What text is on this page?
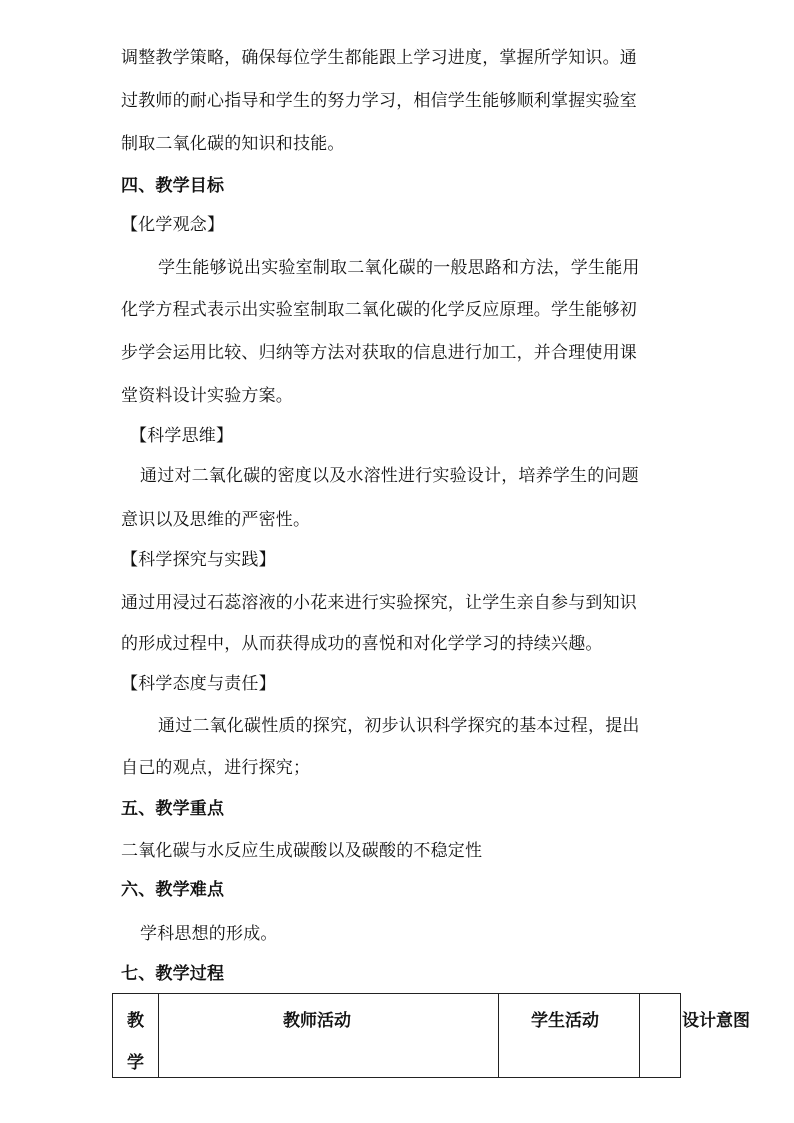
调整教学策略，确保每位学生都能跟上学习进度，掌握所学知识。通
过教师的耐心指导和学生的努力学习，相信学生能够顺利掌握实验室
制取二氧化碳的知识和技能。
四、教学目标
【化学观念】
学生能够说出实验室制取二氧化碳的一般思路和方法，学生能用
化学方程式表示出实验室制取二氧化碳的化学反应原理。学生能够初
步学会运用比较、归纳等方法对获取的信息进行加工，并合理使用课
堂资料设计实验方案。
【科学思维】
通过对二氧化碳的密度以及水溶性进行实验设计，培养学生的问题
意识以及思维的严密性。
【科学探究与实践】
通过用浸过石蕊溶液的小花来进行实验探究，让学生亲自参与到知识
的形成过程中，从而获得成功的喜悦和对化学学习的持续兴趣。
【科学态度与责任】
通过二氧化碳性质的探究，初步认识科学探究的基本过程，提出
自己的观点，进行探究；
五、教学重点
二氧化碳与水反应生成碳酸以及碳酸的不稳定性
六、教学难点
学科思想的形成。
七、教学过程
教
学
教师活动	学生活动	设计意图
